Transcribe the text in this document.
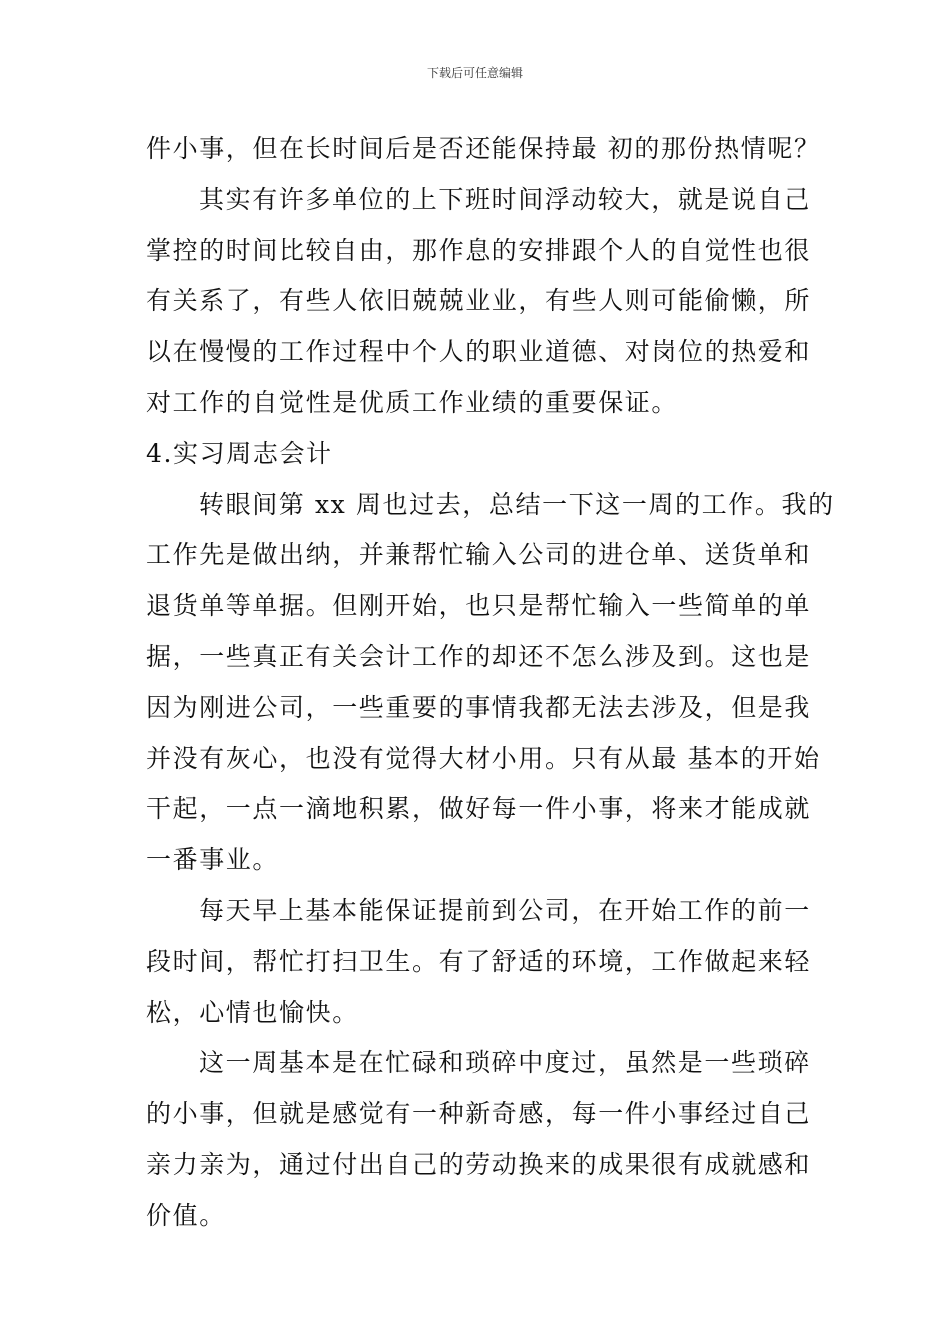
下载后可任意编辑
件小事，但在长时间后是否还能保持最 初的那份热情呢？
其实有许多单位的上下班时间浮动较大，就是说自己
掌控的时间比较自由，那作息的安排跟个人的自觉性也很
有关系了，有些人依旧兢兢业业，有些人则可能偷懒，所
以在慢慢的工作过程中个人的职业道德、对岗位的热爱和
对工作的自觉性是优质工作业绩的重要保证。
4.实习周志会计
转眼间第 xx 周也过去，总结一下这一周的工作。我的
工作先是做出纳，并兼帮忙输入公司的进仓单、送货单和
退货单等单据。但刚开始，也只是帮忙输入一些简单的单
据，一些真正有关会计工作的却还不怎么涉及到。这也是
因为刚进公司，一些重要的事情我都无法去涉及，但是我
并没有灰心，也没有觉得大材小用。只有从最 基本的开始
干起，一点一滴地积累，做好每一件小事，将来才能成就
一番事业。
每天早上基本能保证提前到公司，在开始工作的前一
段时间，帮忙打扫卫生。有了舒适的环境，工作做起来轻
松，心情也愉快。
这一周基本是在忙碌和琐碎中度过，虽然是一些琐碎
的小事，但就是感觉有一种新奇感，每一件小事经过自己
亲力亲为，通过付出自己的劳动换来的成果很有成就感和
价值。
